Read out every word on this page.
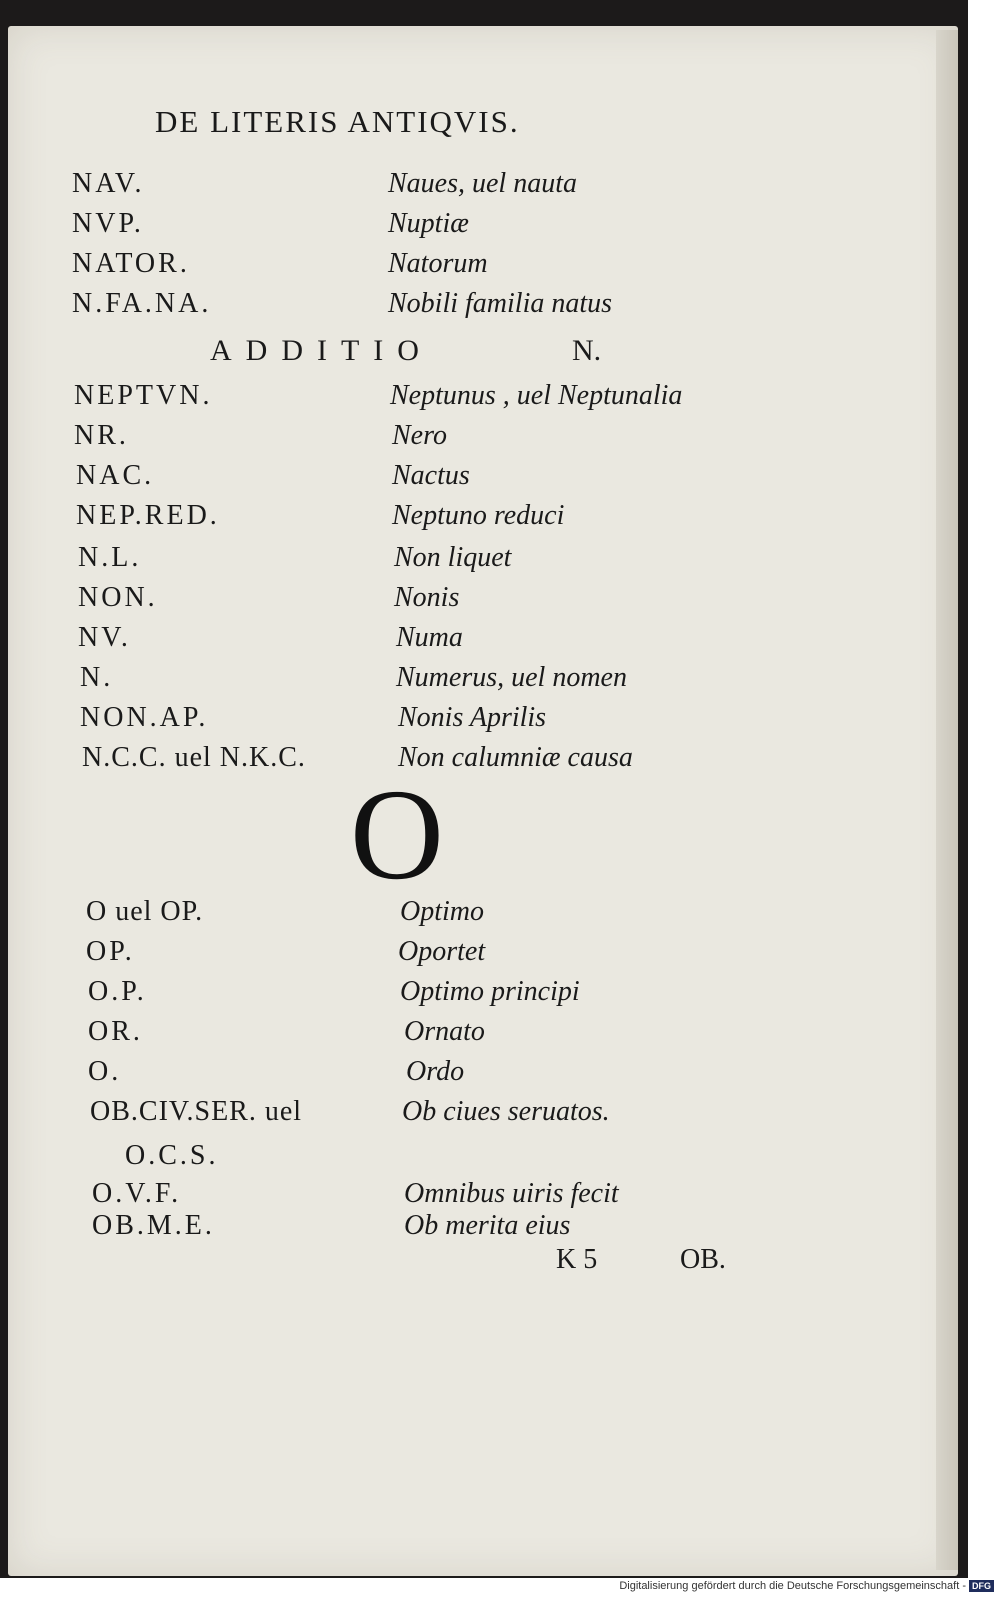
DE LITERIS ANTIQVIS.
NAV.	Naues, uel nauta
NVP.	Nuptiæ
NATOR.	Natorum
N.FA.NA.	Nobili familia natus
ADDITIO	N.
NEPTVN.	Neptunus , uel Neptunalia
NR.	Nero
NAC.	Nactus
NEP.RED.	Neptuno reduci
N.L.	Non liquet
NON.	Nonis
NV.	Numa
N.	Numerus, uel nomen
NON.AP.	Nonis Aprilis
N.C.C. uel N.K.C.	Non calumniæ causa
O
O uel OP.	Optimo
OP.	Oportet
O.P.	Optimo principi
OR.	Ornato
O.	Ordo
OB.CIV.SER. uel	Ob ciues seruatos.
O.C.S.
O.V.F.	Omnibus uiris fecit
OB.M.E.	Ob merita eius
K 5	OB.
Digitalisierung gefördert durch die Deutsche Forschungsgemeinschaft - DFG
